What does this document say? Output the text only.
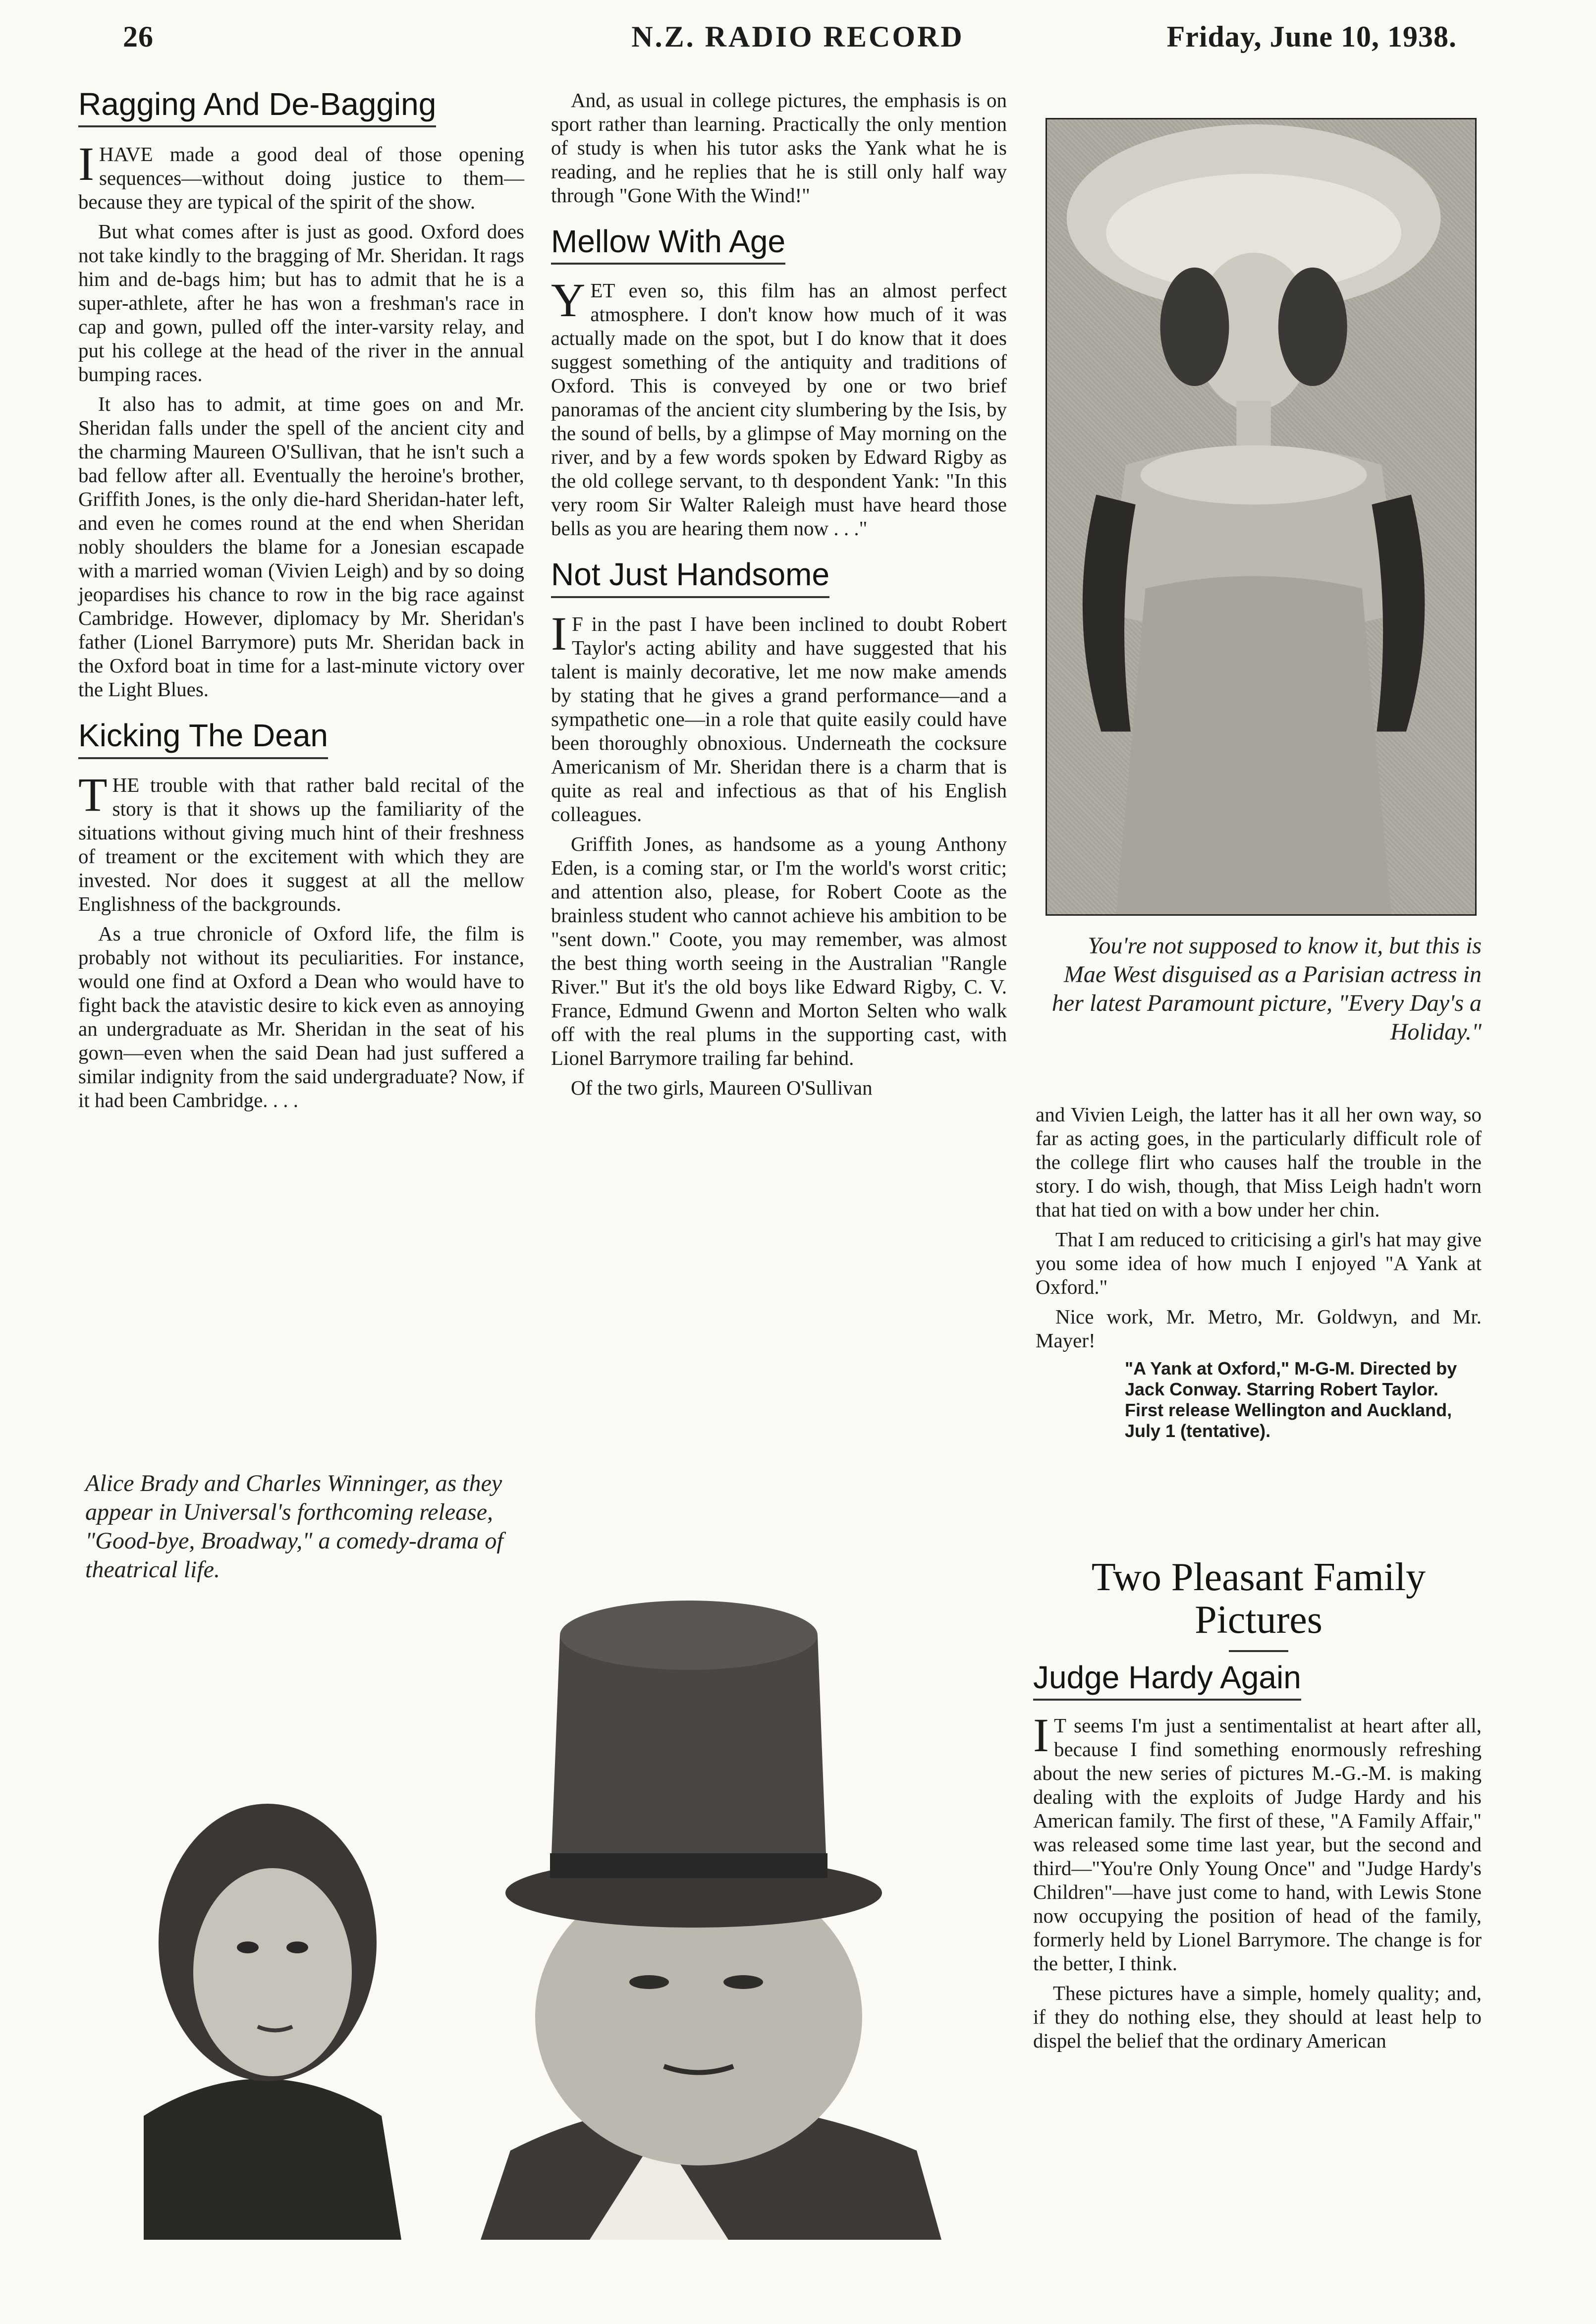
26	N.Z. RADIO RECORD	Friday, June 10, 1938.
Ragging And De-Bagging

IHAVE made a good deal of those opening sequences—without doing justice to them—because they are typical of the spirit of the show.

But what comes after is just as good. Oxford does not take kindly to the bragging of Mr. Sheridan. It rags him and de-bags him; but has to admit that he is a super-athlete, after he has won a freshman's race in cap and gown, pulled off the inter-varsity relay, and put his college at the head of the river in the annual bumping races.

It also has to admit, at time goes on and Mr. Sheridan falls under the spell of the ancient city and the charming Maureen O'Sullivan, that he isn't such a bad fellow after all. Eventually the heroine's brother, Griffith Jones, is the only die-hard Sheridan-hater left, and even he comes round at the end when Sheridan nobly shoulders the blame for a Jonesian escapade with a married woman (Vivien Leigh) and by so doing jeopardises his chance to row in the big race against Cambridge. However, diplomacy by Mr. Sheridan's father (Lionel Barrymore) puts Mr. Sheridan back in the Oxford boat in time for a last-minute victory over the Light Blues.

Kicking The Dean

THE trouble with that rather bald recital of the story is that it shows up the familiarity of the situations without giving much hint of their freshness of treament or the excitement with which they are invested. Nor does it suggest at all the mellow Englishness of the backgrounds.

As a true chronicle of Oxford life, the film is probably not without its peculiarities. For instance, would one find at Oxford a Dean who would have to fight back the atavistic desire to kick even as annoying an undergraduate as Mr. Sheridan in the seat of his gown—even when the said Dean had just suffered a similar indignity from the said undergraduate? Now, if it had been Cambridge. . . .

And, as usual in college pictures, the emphasis is on sport rather than learning. Practically the only mention of study is when his tutor asks the Yank what he is reading, and he replies that he is still only half way through "Gone With the Wind!"

Mellow With Age

YET even so, this film has an almost perfect atmosphere. I don't know how much of it was actually made on the spot, but I do know that it does suggest something of the antiquity and traditions of Oxford. This is conveyed by one or two brief panoramas of the ancient city slumbering by the Isis, by the sound of bells, by a glimpse of May morning on the river, and by a few words spoken by Edward Rigby as the old college servant, to th despondent Yank: "In this very room Sir Walter Raleigh must have heard those bells as you are hearing them now . . ."

Not Just Handsome

IF in the past I have been inclined to doubt Robert Taylor's acting ability and have suggested that his talent is mainly decorative, let me now make amends by stating that he gives a grand performance—and a sympathetic one—in a role that quite easily could have been thoroughly obnoxious. Underneath the cocksure Americanism of Mr. Sheridan there is a charm that is quite as real and infectious as that of his English colleagues.

Griffith Jones, as handsome as a young Anthony Eden, is a coming star, or I'm the world's worst critic; and attention also, please, for Robert Coote as the brainless student who cannot achieve his ambition to be "sent down." Coote, you may remember, was almost the best thing worth seeing in the Australian "Rangle River." But it's the old boys like Edward Rigby, C. V. France, Edmund Gwenn and Morton Selten who walk off with the real plums in the supporting cast, with Lionel Barrymore trailing far behind.

Of the two girls, Maureen O'Sullivan

You're not supposed to know it, but this is Mae West disguised as a Parisian actress in her latest Paramount picture, "Every Day's a Holiday."

and Vivien Leigh, the latter has it all her own way, so far as acting goes, in the particularly difficult role of the college flirt who causes half the trouble in the story. I do wish, though, that Miss Leigh hadn't worn that hat tied on with a bow under her chin.

That I am reduced to criticising a girl's hat may give you some idea of how much I enjoyed "A Yank at Oxford."

Nice work, Mr. Metro, Mr. Goldwyn, and Mr. Mayer!

"A Yank at Oxford," M-G-M. Directed by Jack Conway. Starring Robert Taylor. First release Wellington and Auckland, July 1 (tentative).
Two Pleasant Family Pictures
Judge Hardy Again

IT seems I'm just a sentimentalist at heart after all, because I find something enormously refreshing about the new series of pictures M.-G.-M. is making dealing with the exploits of Judge Hardy and his American family. The first of these, "A Family Affair," was released some time last year, but the second and third—"You're Only Young Once" and "Judge Hardy's Children"—have just come to hand, with Lewis Stone now occupying the position of head of the family, formerly held by Lionel Barrymore. The change is for the better, I think.

These pictures have a simple, homely quality; and, if they do nothing else, they should at least help to dispel the belief that the ordinary American

Alice Brady and Charles Winninger, as they appear in Universal's forthcoming release, "Good-bye, Broadway," a comedy-drama of theatrical life.
